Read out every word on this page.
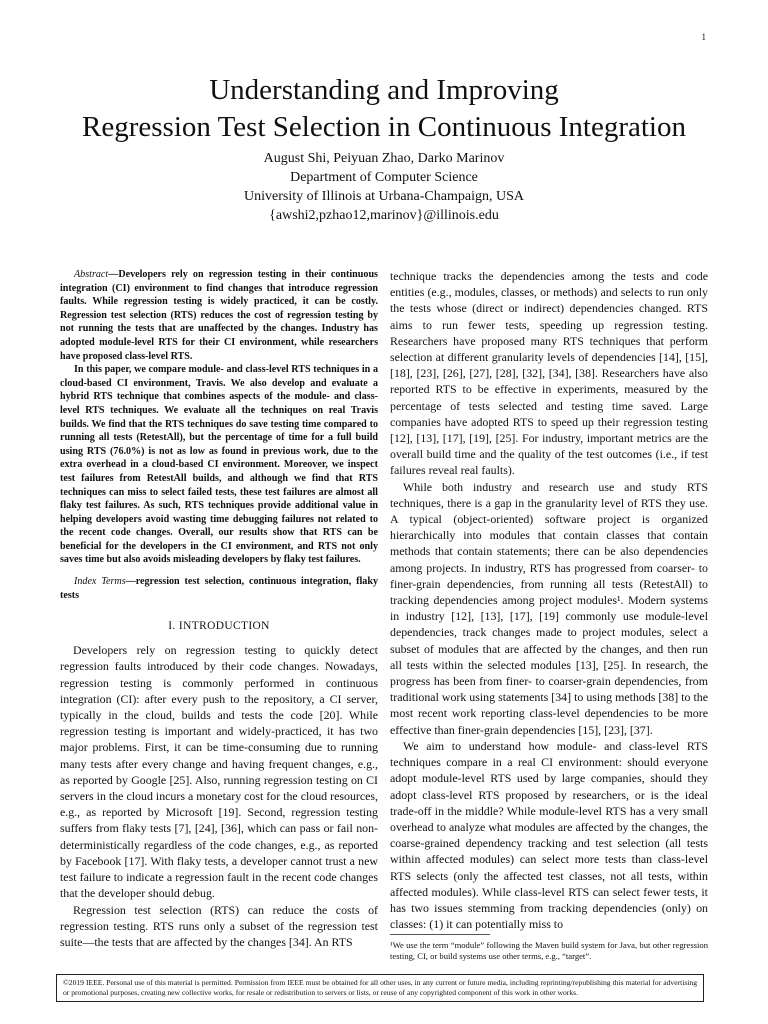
1
Understanding and Improving
Regression Test Selection in Continuous Integration
August Shi, Peiyuan Zhao, Darko Marinov
Department of Computer Science
University of Illinois at Urbana-Champaign, USA
{awshi2,pzhao12,marinov}@illinois.edu

Abstract—Developers rely on regression testing in their continuous integration (CI) environment to find changes that introduce regression faults. While regression testing is widely practiced, it can be costly. Regression test selection (RTS) reduces the cost of regression testing by not running the tests that are unaffected by the changes. Industry has adopted module-level RTS for their CI environment, while researchers have proposed class-level RTS.

In this paper, we compare module- and class-level RTS techniques in a cloud-based CI environment, Travis. We also develop and evaluate a hybrid RTS technique that combines aspects of the module- and class-level RTS techniques. We evaluate all the techniques on real Travis builds. We find that the RTS techniques do save testing time compared to running all tests (RetestAll), but the percentage of time for a full build using RTS (76.0%) is not as low as found in previous work, due to the extra overhead in a cloud-based CI environment. Moreover, we inspect test failures from RetestAll builds, and although we find that RTS techniques can miss to select failed tests, these test failures are almost all flaky test failures. As such, RTS techniques provide additional value in helping developers avoid wasting time debugging failures not related to the recent code changes. Overall, our results show that RTS can be beneficial for the developers in the CI environment, and RTS not only saves time but also avoids misleading developers by flaky test failures.

Index Terms—regression test selection, continuous integration, flaky tests

I. INTRODUCTION

Developers rely on regression testing to quickly detect regression faults introduced by their code changes. Nowadays, regression testing is commonly performed in continuous integration (CI): after every push to the repository, a CI server, typically in the cloud, builds and tests the code [20]. While regression testing is important and widely-practiced, it has two major problems. First, it can be time-consuming due to running many tests after every change and having frequent changes, e.g., as reported by Google [25]. Also, running regression testing on CI servers in the cloud incurs a monetary cost for the cloud resources, e.g., as reported by Microsoft [19]. Second, regression testing suffers from flaky tests [7], [24], [36], which can pass or fail non-deterministically regardless of the code changes, e.g., as reported by Facebook [17]. With flaky tests, a developer cannot trust a new test failure to indicate a regression fault in the recent code changes that the developer should debug.

Regression test selection (RTS) can reduce the costs of regression testing. RTS runs only a subset of the regression test suite—the tests that are affected by the changes [34]. An RTS

technique tracks the dependencies among the tests and code entities (e.g., modules, classes, or methods) and selects to run only the tests whose (direct or indirect) dependencies changed. RTS aims to run fewer tests, speeding up regression testing. Researchers have proposed many RTS techniques that perform selection at different granularity levels of dependencies [14], [15], [18], [23], [26], [27], [28], [32], [34], [38]. Researchers have also reported RTS to be effective in experiments, measured by the percentage of tests selected and testing time saved. Large companies have adopted RTS to speed up their regression testing [12], [13], [17], [19], [25]. For industry, important metrics are the overall build time and the quality of the test outcomes (i.e., if test failures reveal real faults).

While both industry and research use and study RTS techniques, there is a gap in the granularity level of RTS they use. A typical (object-oriented) software project is organized hierarchically into modules that contain classes that contain methods that contain statements; there can be also dependencies among projects. In industry, RTS has progressed from coarser- to finer-grain dependencies, from running all tests (RetestAll) to tracking dependencies among project modules¹. Modern systems in industry [12], [13], [17], [19] commonly use module-level dependencies, track changes made to project modules, select a subset of modules that are affected by the changes, and then run all tests within the selected modules [13], [25]. In research, the progress has been from finer- to coarser-grain dependencies, from traditional work using statements [34] to using methods [38] to the most recent work reporting class-level dependencies to be more effective than finer-grain dependencies [15], [23], [37].

We aim to understand how module- and class-level RTS techniques compare in a real CI environment: should everyone adopt module-level RTS used by large companies, should they adopt class-level RTS proposed by researchers, or is the ideal trade-off in the middle? While module-level RTS has a very small overhead to analyze what modules are affected by the changes, the coarse-grained dependency tracking and test selection (all tests within affected modules) can select more tests than class-level RTS selects (only the affected test classes, not all tests, within affected modules). While class-level RTS can select fewer tests, it has two issues stemming from tracking dependencies (only) on classes: (1) it can potentially miss to

¹We use the term “module” following the Maven build system for Java, but other regression testing, CI, or build systems use other terms, e.g., “target”.
©2019 IEEE. Personal use of this material is permitted. Permission from IEEE must be obtained for all other uses, in any current or future media, including reprinting/republishing this material for advertising or promotional purposes, creating new collective works, for resale or redistribution to servers or lists, or reuse of any copyrighted component of this work in other works.
